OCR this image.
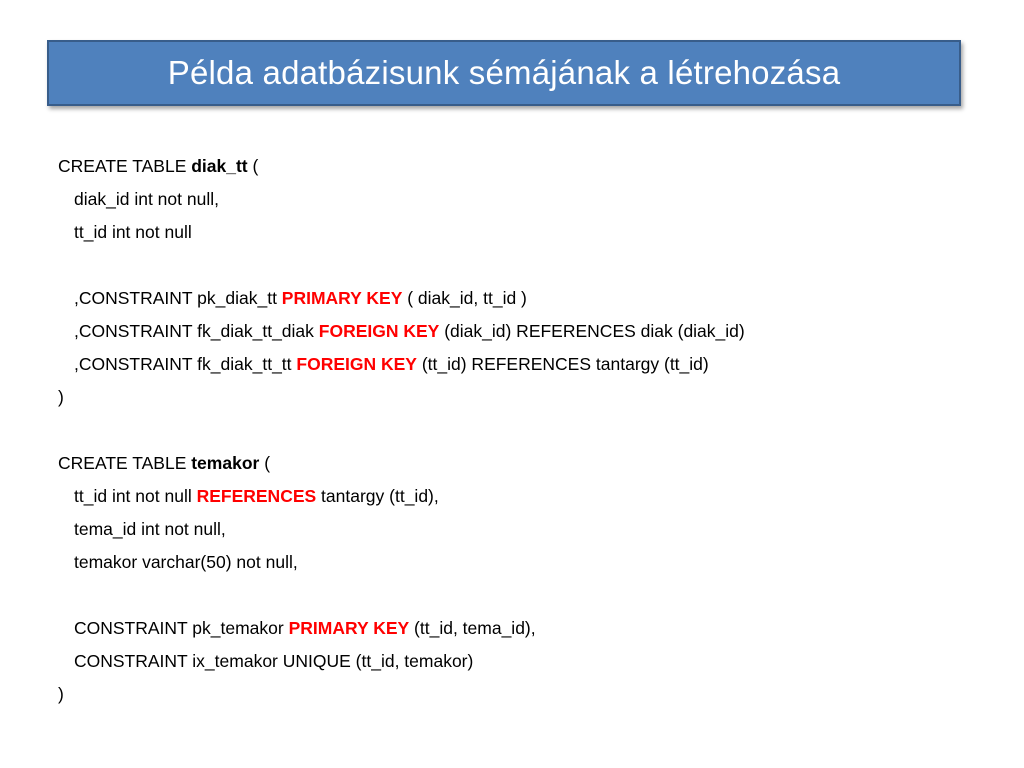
Példa adatbázisunk sémájának a létrehozása
CREATE TABLE diak_tt (
diak_id int not null,
tt_id int not null
,CONSTRAINT pk_diak_tt PRIMARY KEY ( diak_id, tt_id )
,CONSTRAINT fk_diak_tt_diak FOREIGN KEY (diak_id) REFERENCES diak (diak_id)
,CONSTRAINT fk_diak_tt_tt FOREIGN KEY (tt_id) REFERENCES tantargy (tt_id)
)
CREATE TABLE temakor (
tt_id int not null REFERENCES tantargy (tt_id),
tema_id int not null,
temakor varchar(50) not null,
CONSTRAINT pk_temakor PRIMARY KEY (tt_id, tema_id),
CONSTRAINT ix_temakor UNIQUE (tt_id, temakor)
)
